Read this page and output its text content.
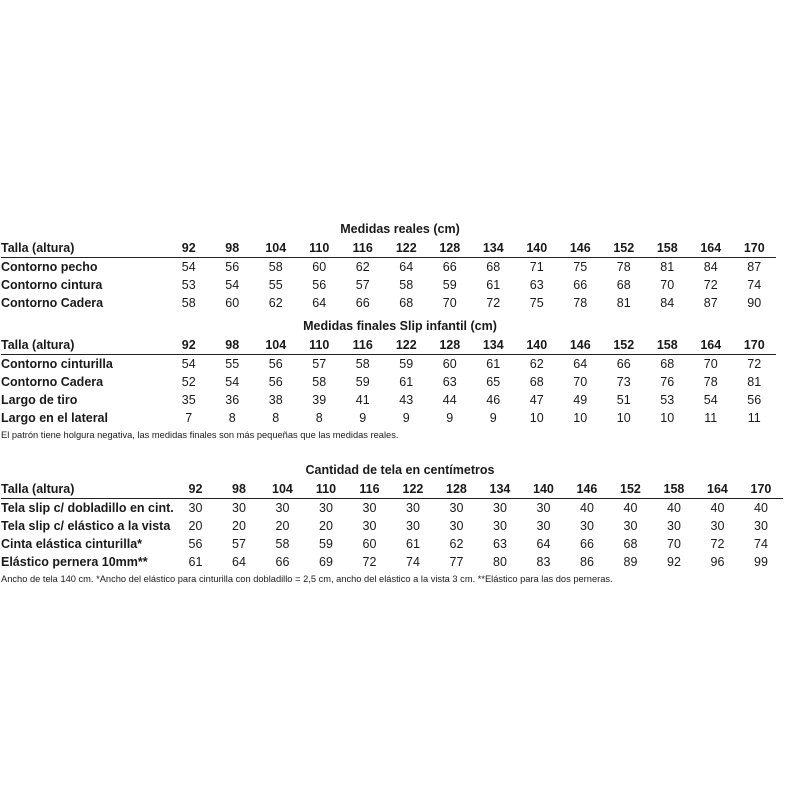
Medidas reales (cm)
Talla (altura)	92	98	104	110	116	122	128	134	140	146	152	158	164	170
Contorno pecho	54	56	58	60	62	64	66	68	71	75	78	81	84	87
Contorno cintura	53	54	55	56	57	58	59	61	63	66	68	70	72	74
Contorno Cadera	58	60	62	64	66	68	70	72	75	78	81	84	87	90
Medidas finales Slip infantil (cm)
Talla (altura)	92	98	104	110	116	122	128	134	140	146	152	158	164	170
Contorno cinturilla	54	55	56	57	58	59	60	61	62	64	66	68	70	72
Contorno Cadera	52	54	56	58	59	61	63	65	68	70	73	76	78	81
Largo de tiro	35	36	38	39	41	43	44	46	47	49	51	53	54	56
Largo en el lateral	7	8	8	8	9	9	9	9	10	10	10	10	11	11
El patrón tiene holgura negativa, las medidas finales son más pequeñas que las medidas reales.
Cantidad de tela en centímetros
Talla (altura)	92	98	104	110	116	122	128	134	140	146	152	158	164	170
Tela slip c/ dobladillo en cint.	30	30	30	30	30	30	30	30	30	40	40	40	40	40
Tela slip c/ elástico a la vista	20	20	20	20	30	30	30	30	30	30	30	30	30	30
Cinta elástica cinturilla*	56	57	58	59	60	61	62	63	64	66	68	70	72	74
Elástico pernera 10mm**	61	64	66	69	72	74	77	80	83	86	89	92	96	99
Ancho de tela 140 cm. *Ancho del elástico para cinturilla con dobladillo = 2,5 cm, ancho del elástico a la vista 3 cm. **Elástico para las dos perneras.
